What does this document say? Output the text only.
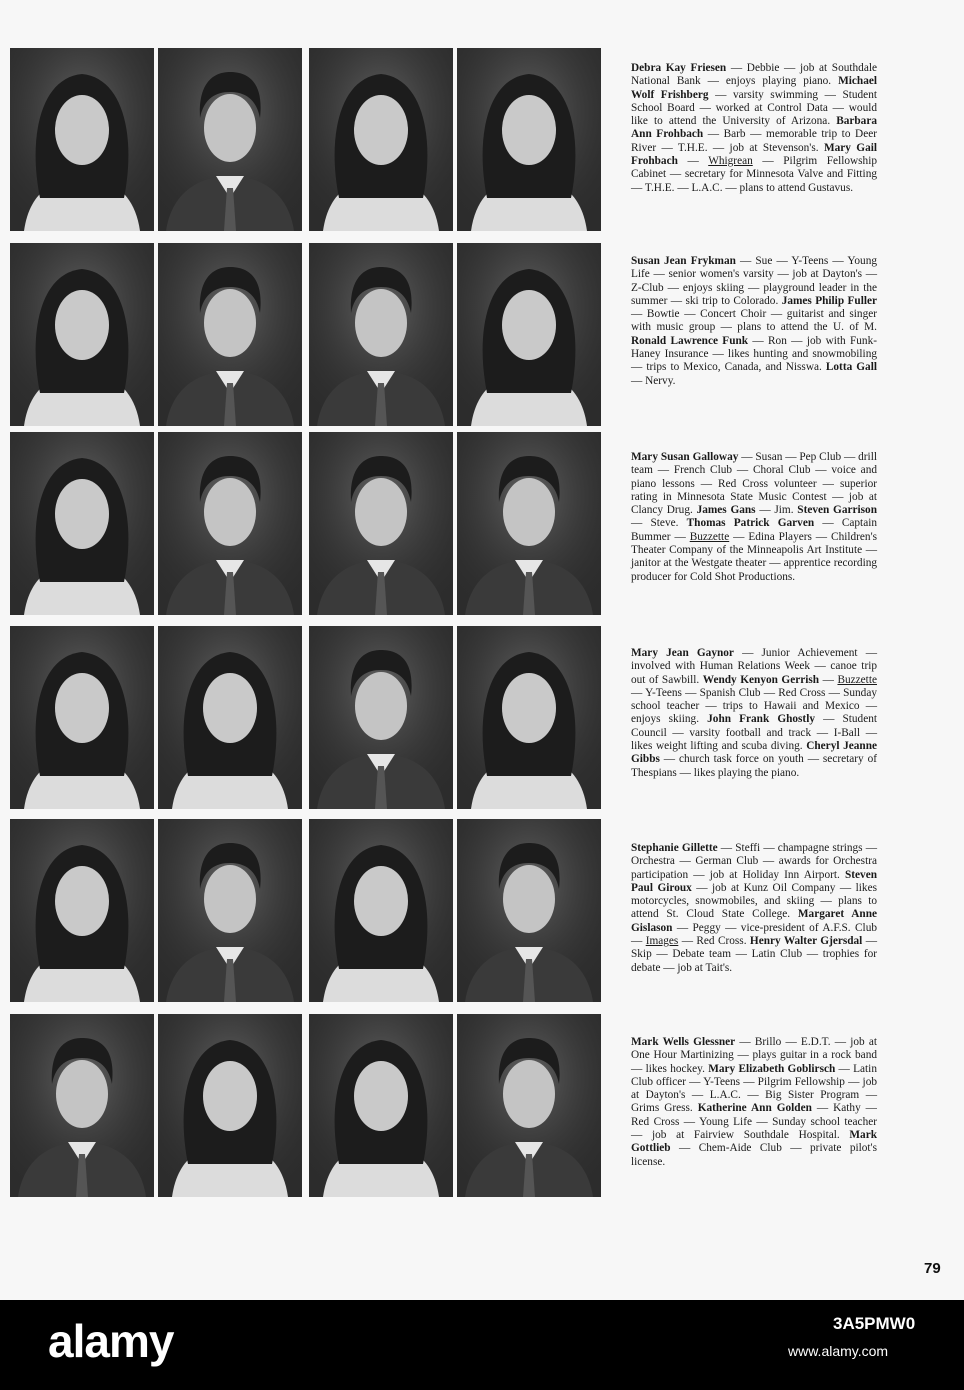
Debra Kay Friesen — Debbie — job at Southdale National Bank — enjoys playing piano. Michael Wolf Frishberg — varsity swimming — Student School Board — worked at Control Data — would like to attend the University of Arizona. Barbara Ann Frohbach — Barb — memorable trip to Deer River — T.H.E. — job at Stevenson's. Mary Gail Frohbach — Whigrean — Pilgrim Fellowship Cabinet — secretary for Minnesota Valve and Fitting — T.H.E. — L.A.C. — plans to attend Gustavus.

Susan Jean Frykman — Sue — Y-Teens — Young Life — senior women's varsity — job at Dayton's — Z-Club — enjoys skiing — playground leader in the summer — ski trip to Colorado. James Philip Fuller — Bowtie — Concert Choir — guitarist and singer with music group — plans to attend the U. of M. Ronald Lawrence Funk — Ron — job with Funk-Haney Insurance — likes hunting and snowmobiling — trips to Mexico, Canada, and Nisswa. Lotta Gall — Nervy.

Mary Susan Galloway — Susan — Pep Club — drill team — French Club — Choral Club — voice and piano lessons — Red Cross volunteer — superior rating in Minnesota State Music Contest — job at Clancy Drug. James Gans — Jim. Steven Garrison — Steve. Thomas Patrick Garven — Captain Bummer — Buzzette — Edina Players — Children's Theater Company of the Minneapolis Art Institute — janitor at the Westgate theater — apprentice recording producer for Cold Shot Productions.

Mary Jean Gaynor — Junior Achievement — involved with Human Relations Week — canoe trip out of Sawbill. Wendy Kenyon Gerrish — Buzzette — Y-Teens — Spanish Club — Red Cross — Sunday school teacher — trips to Hawaii and Mexico — enjoys skiing. John Frank Ghostly — Student Council — varsity football and track — I-Ball — likes weight lifting and scuba diving. Cheryl Jeanne Gibbs — church task force on youth — secretary of Thespians — likes playing the piano.

Stephanie Gillette — Steffi — champagne strings — Orchestra — German Club — awards for Orchestra participation — job at Holiday Inn Airport. Steven Paul Giroux — job at Kunz Oil Company — likes motorcycles, snowmobiles, and skiing — plans to attend St. Cloud State College. Margaret Anne Gislason — Peggy — vice-president of A.F.S. Club — Images — Red Cross. Henry Walter Gjersdal — Skip — Debate team — Latin Club — trophies for debate — job at Tait's.

Mark Wells Glessner — Brillo — E.D.T. — job at One Hour Martinizing — plays guitar in a rock band — likes hockey. Mary Elizabeth Goblirsch — Latin Club officer — Y-Teens — Pilgrim Fellowship — job at Dayton's — L.A.C. — Big Sister Program — Grims Gress. Katherine Ann Golden — Kathy — Red Cross — Young Life — Sunday school teacher — job at Fairview Southdale Hospital. Mark Gottlieb — Chem-Aide Club — private pilot's license.

79
alamy	3A5PMW0
www.alamy.com
